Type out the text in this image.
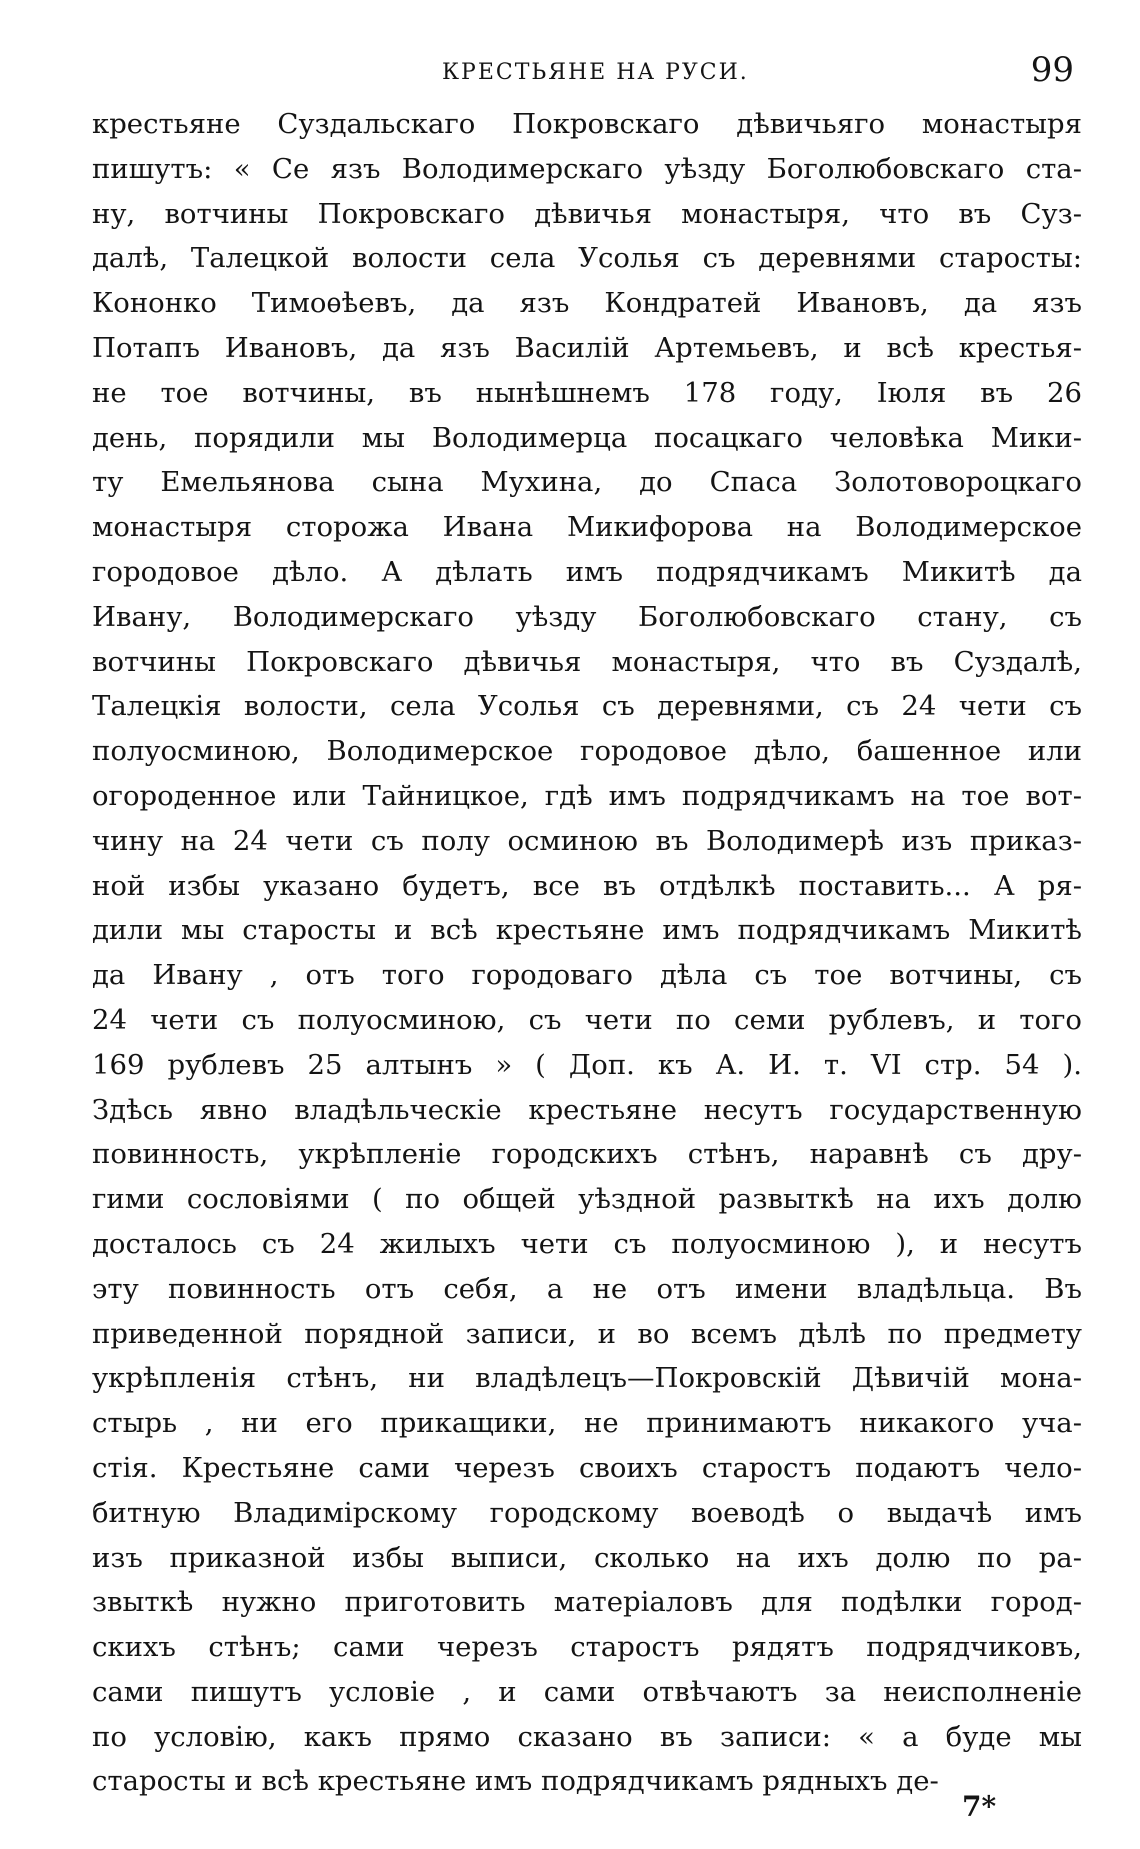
КРЕСТЬЯНЕ НА РУСИ.	99
крестьяне Суздальскаго Покровскаго дѣвичьяго монастыря
пишутъ: « Се язъ Володимерскаго уѣзду Боголюбовскаго ста-
ну, вотчины Покровскаго дѣвичья монастыря, что въ Суз-
далѣ, Талецкой волости села Усолья съ деревнями старосты:
Кононко Тимоѳѣевъ, да язъ Кондратей Ивановъ, да язъ
Потапъ Ивановъ, да язъ Василій Артемьевъ, и всѣ крестья-
не тое вотчины, въ нынѣшнемъ 178 году, Іюля въ 26
день, порядили мы Володимерца посацкаго человѣка Мики-
ту Емельянова сына Мухина, до Спаса Золотовороцкаго
монастыря сторожа Ивана Микифорова на Володимерское
городовое дѣло. А дѣлать имъ подрядчикамъ Микитѣ да
Ивану, Володимерскаго уѣзду Боголюбовскаго стану, съ
вотчины Покровскаго дѣвичья монастыря, что въ Суздалѣ,
Талецкія волости, села Усолья съ деревнями, съ 24 чети съ
полуосминою, Володимерское городовое дѣло, башенное или
огороденное или Тайницкое, гдѣ имъ подрядчикамъ на тое вот-
чину на 24 чети съ полу осминою въ Володимерѣ изъ приказ-
ной избы указано будетъ, все въ отдѣлкѣ поставить... А ря-
дили мы старосты и всѣ крестьяне имъ подрядчикамъ Микитѣ
да Ивану , отъ того городоваго дѣла съ тое вотчины, съ
24 чети съ полуосминою, съ чети по семи рублевъ, и того
169 рублевъ 25 алтынъ » ( Доп. къ А. И. т. VI стр. 54 ).
Здѣсь явно владѣльческіе крестьяне несутъ государственную
повинность, укрѣпленіе городскихъ стѣнъ, наравнѣ съ дру-
гими сословіями ( по общей уѣздной развыткѣ на ихъ долю
досталось съ 24 жилыхъ чети съ полуосминою ), и несутъ
эту повинность отъ себя, а не отъ имени владѣльца. Въ
приведенной порядной записи, и во всемъ дѣлѣ по предмету
укрѣпленія стѣнъ, ни владѣлецъ—Покровскій Дѣвичій мона-
стырь , ни его прикащики, не принимаютъ никакого уча-
стія. Крестьяне сами черезъ своихъ старостъ подаютъ чело-
битную Владимірскому городскому воеводѣ о выдачѣ имъ
изъ приказной избы выписи, сколько на ихъ долю по ра-
звыткѣ нужно приготовить матеріаловъ для подѣлки город-
скихъ стѣнъ; сами черезъ старостъ рядятъ подрядчиковъ,
сами пишутъ условіе , и сами отвѣчаютъ за неисполненіе
по условію, какъ прямо сказано въ записи: « а буде мы
старосты и всѣ крестьяне имъ подрядчикамъ рядныхъ де-
7*
